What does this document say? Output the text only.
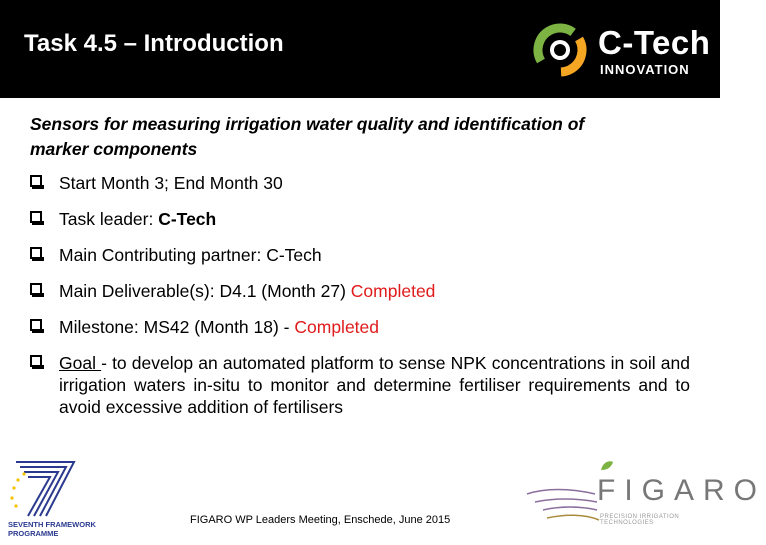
Task 4.5 – Introduction	C-Tech
INNOVATION
Sensors for measuring irrigation water quality and identification of
marker components
Start Month 3; End Month 30
Task leader: C-Tech
Main Contributing partner: C-Tech
Main Deliverable(s): D4.1 (Month 27) Completed
Milestone: MS42 (Month 18) - Completed
Goal - to develop an automated platform to sense NPK concentrations in soil and irrigation waters in-situ to monitor and determine fertiliser requirements and to avoid excessive addition of fertilisers
SEVENTH FRAMEWORK
PROGRAMME
FIGARO WP Leaders Meeting, Enschede, June 2015
FIGARO
PRECISION IRRIGATION TECHNOLOGIES
